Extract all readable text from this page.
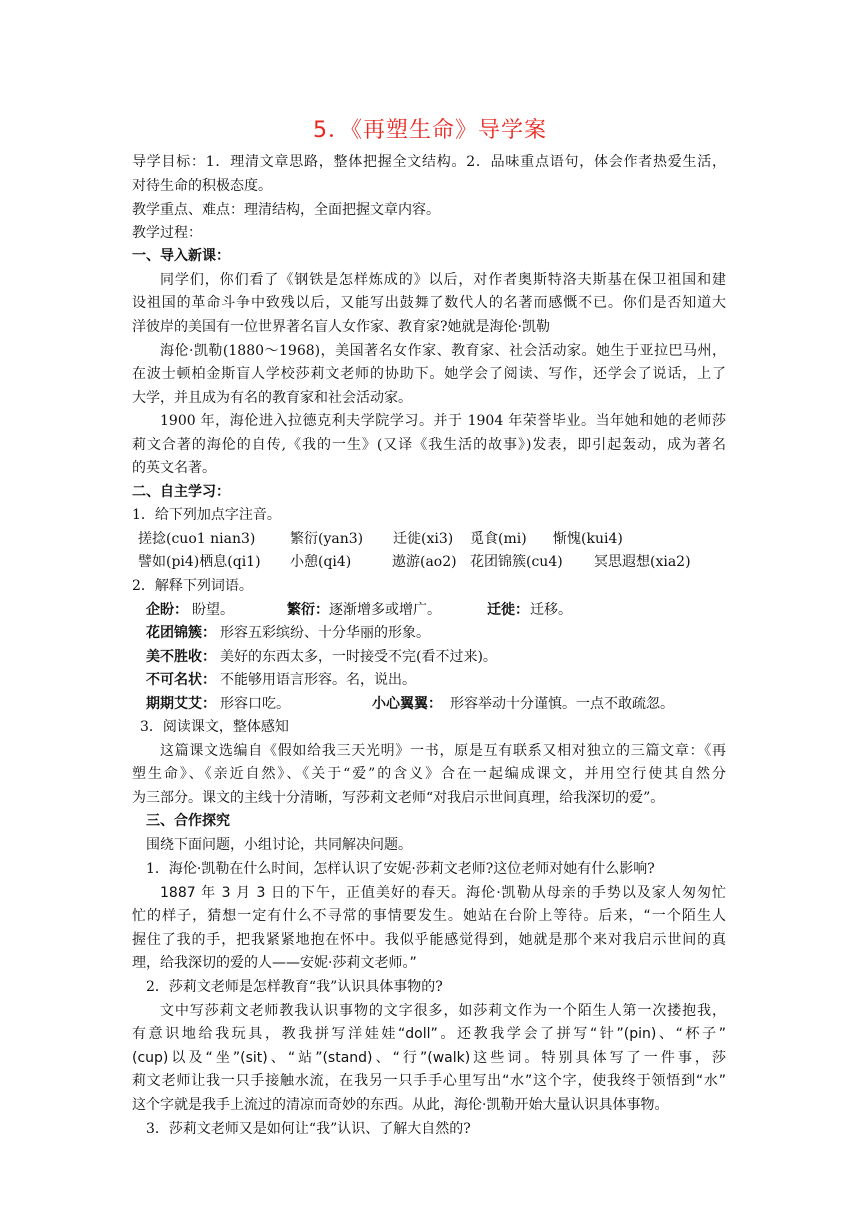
5．《再塑生命》导学案
导学目标：1．理清文章思路，整体把握全文结构。2．品味重点语句，体会作者热爱生活，
对待生命的积极态度。
教学重点、难点：理清结构，全面把握文章内容。
教学过程：
一、导入新课：
同学们，你们看了《钢铁是怎样炼成的》以后，对作者奥斯特洛夫斯基在保卫祖国和建
设祖国的革命斗争中致残以后，又能写出鼓舞了数代人的名著而感慨不已。你们是否知道大
洋彼岸的美国有一位世界著名盲人女作家、教育家?她就是海伦·凯勒
海伦·凯勒(1880～1968)，美国著名女作家、教育家、社会活动家。她生于亚拉巴马州，
在波士顿柏金斯盲人学校莎莉文老师的协助下。她学会了阅读、写作，还学会了说话，上了
大学，并且成为有名的教育家和社会活动家。
1900 年，海伦进入拉德克利夫学院学习。并于 1904 年荣誉毕业。当年她和她的老师莎
莉文合著的海伦的自传,《我的一生》(又译《我生活的故事》)发表，即引起轰动，成为著名
的英文名著。
二、自主学习：
1．给下列加点字注音。
搓捻(cuo1 nian3) 繁衍(yan3) 迁徙(xi3) 觅食(mi) 惭愧(kui4)
譬如(pi4)栖息(qi1) 小憩(qi4)	遨游(ao2) 花团锦簇(cu4) 冥思遐想(xia2)
2．解释下列词语。
企盼： 盼望。	繁衍： 逐渐增多或增广。	迁徙： 迁移。
花团锦簇： 形容五彩缤纷、十分华丽的形象。
美不胜收： 美好的东西太多，一时接受不完(看不过来)。
不可名状： 不能够用语言形容。名，说出。
期期艾艾： 形容口吃。	小心翼翼： 形容举动十分谨慎。一点不敢疏忽。
3．阅读课文，整体感知
这篇课文选编自《假如给我三天光明》一书，原是互有联系又相对独立的三篇文章：《再
塑生命》、《亲近自然》、《关于“爱”的含义》合在一起编成课文，并用空行使其自然分
为三部分。课文的主线十分清晰，写莎莉文老师“对我启示世间真理，给我深切的爱”。
三、合作探究
围绕下面问题，小组讨论，共同解决问题。
1．海伦·凯勒在什么时间，怎样认识了安妮·莎莉文老师?这位老师对她有什么影响?
1887 年 3 月 3 日的下午，正值美好的春天。海伦·凯勒从母亲的手势以及家人匆匆忙
忙的样子，猜想一定有什么不寻常的事情要发生。她站在台阶上等待。后来，“一个陌生人
握住了我的手，把我紧紧地抱在怀中。我似乎能感觉得到，她就是那个来对我启示世间的真
理，给我深切的爱的人——安妮·莎莉文老师。”
2．莎莉文老师是怎样教育“我”认识具体事物的?
文中写莎莉文老师教我认识事物的文字很多，如莎莉文作为一个陌生人第一次搂抱我，
有意识地给我玩具，教我拼写洋娃娃“doll”。还教我学会了拼写“针”(pin)、“杯子”
(cup)以及“坐”(sit)、“站”(stand)、“行”(walk)这些词。特别具体写了一件事，莎
莉文老师让我一只手接触水流，在我另一只手手心里写出“水”这个字，使我终于领悟到“水”
这个字就是我手上流过的清凉而奇妙的东西。从此，海伦·凯勒开始大量认识具体事物。
3．莎莉文老师又是如何让“我”认识、了解大自然的?
